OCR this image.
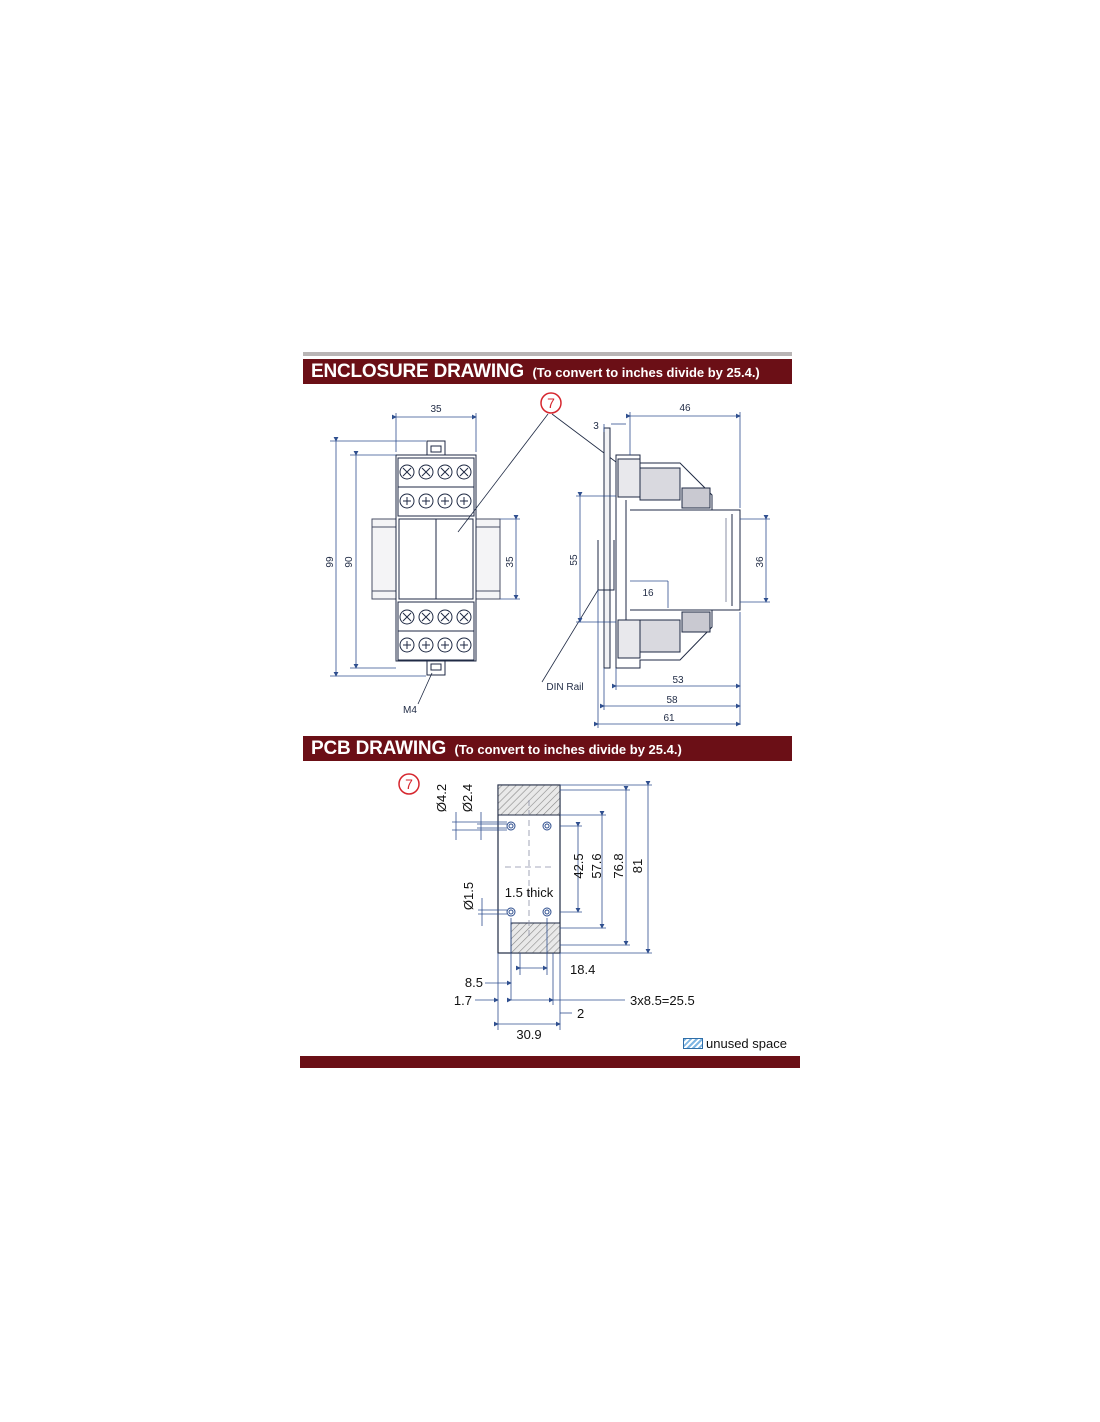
ENCLOSURE DRAWING (To convert to inches divide by 25.4.)
PCB DRAWING (To convert to inches divide by 25.4.)
35
99 90	35
M4
7	46
3
55	36
16
53
58
61
DIN Rail
42.5 57.6 76.8 81
Ø4.2 Ø2.4
Ø1.5 1.5 thick
18.4
8.5
1.7	3x8.5=25.5
2
30.9
7
unused space
